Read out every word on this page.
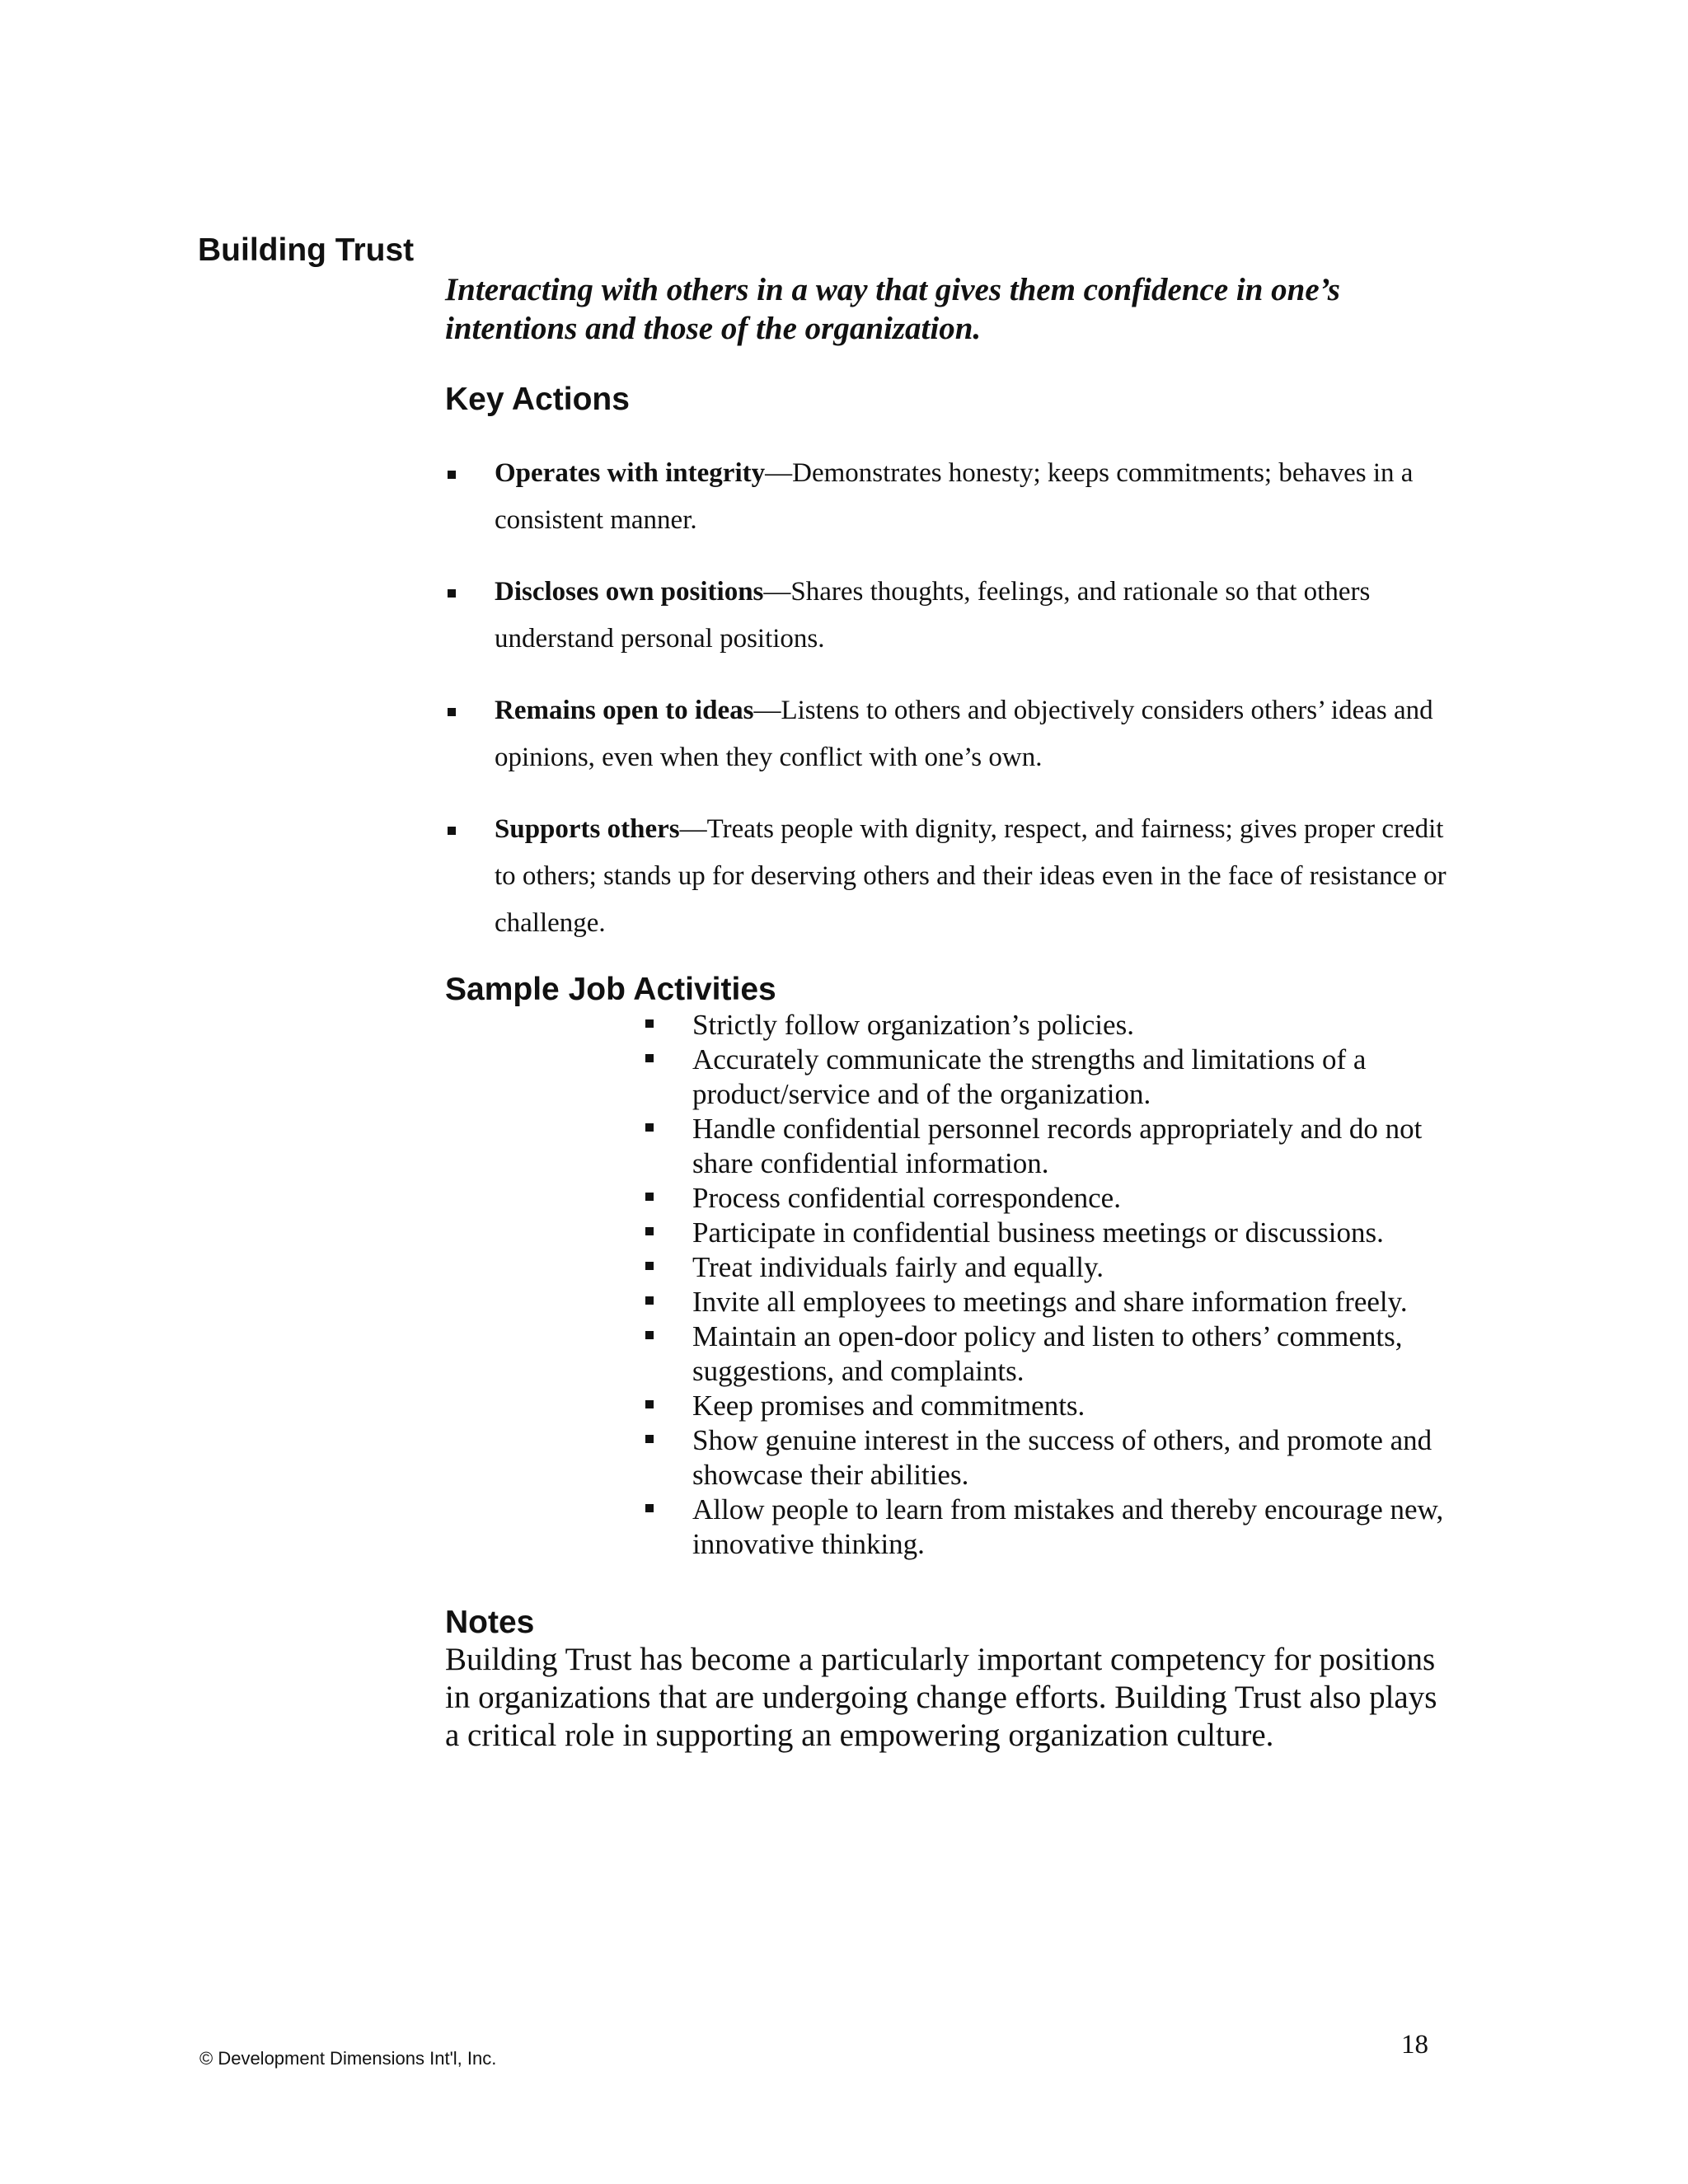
Building Trust

Interacting with others in a way that gives them confidence in one’s intentions and those of the organization.

Key Actions
Operates with integrity—Demonstrates honesty; keeps commitments; behaves in a consistent manner.
Discloses own positions—Shares thoughts, feelings, and rationale so that others understand personal positions.
Remains open to ideas—Listens to others and objectively considers others’ ideas and opinions, even when they conflict with one’s own.
Supports others—Treats people with dignity, respect, and fairness; gives proper credit to others; stands up for deserving others and their ideas even in the face of resistance or challenge.
Sample Job Activities
Strictly follow organization’s policies.
Accurately communicate the strengths and limitations of a product/service and of the organization.
Handle confidential personnel records appropriately and do not share confidential information.
Process confidential correspondence.
Participate in confidential business meetings or discussions.
Treat individuals fairly and equally.
Invite all employees to meetings and share information freely.
Maintain an open-door policy and listen to others’ comments, suggestions, and complaints.
Keep promises and commitments.
Show genuine interest in the success of others, and promote and showcase their abilities.
Allow people to learn from mistakes and thereby encourage new, innovative thinking.
Notes

Building Trust has become a particularly important competency for positions in organizations that are undergoing change efforts. Building Trust also plays a critical role in supporting an empowering organization culture.

© Development Dimensions Int'l, Inc.	18
